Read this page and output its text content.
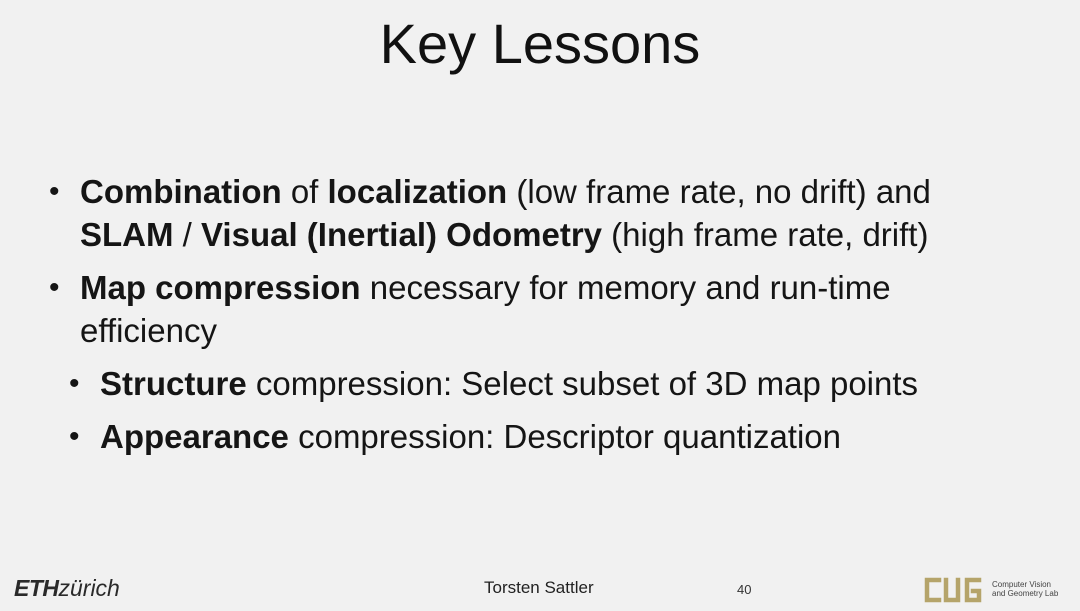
Key Lessons
• Combination of localization (low frame rate, no drift) and
SLAM / Visual (Inertial) Odometry (high frame rate, drift)
• Map compression necessary for memory and run-time
efficiency
• Structure compression: Select subset of 3D map points
• Appearance compression: Descriptor quantization
ETHzürich	Torsten Sattler	40	Computer Vision
and Geometry Lab
